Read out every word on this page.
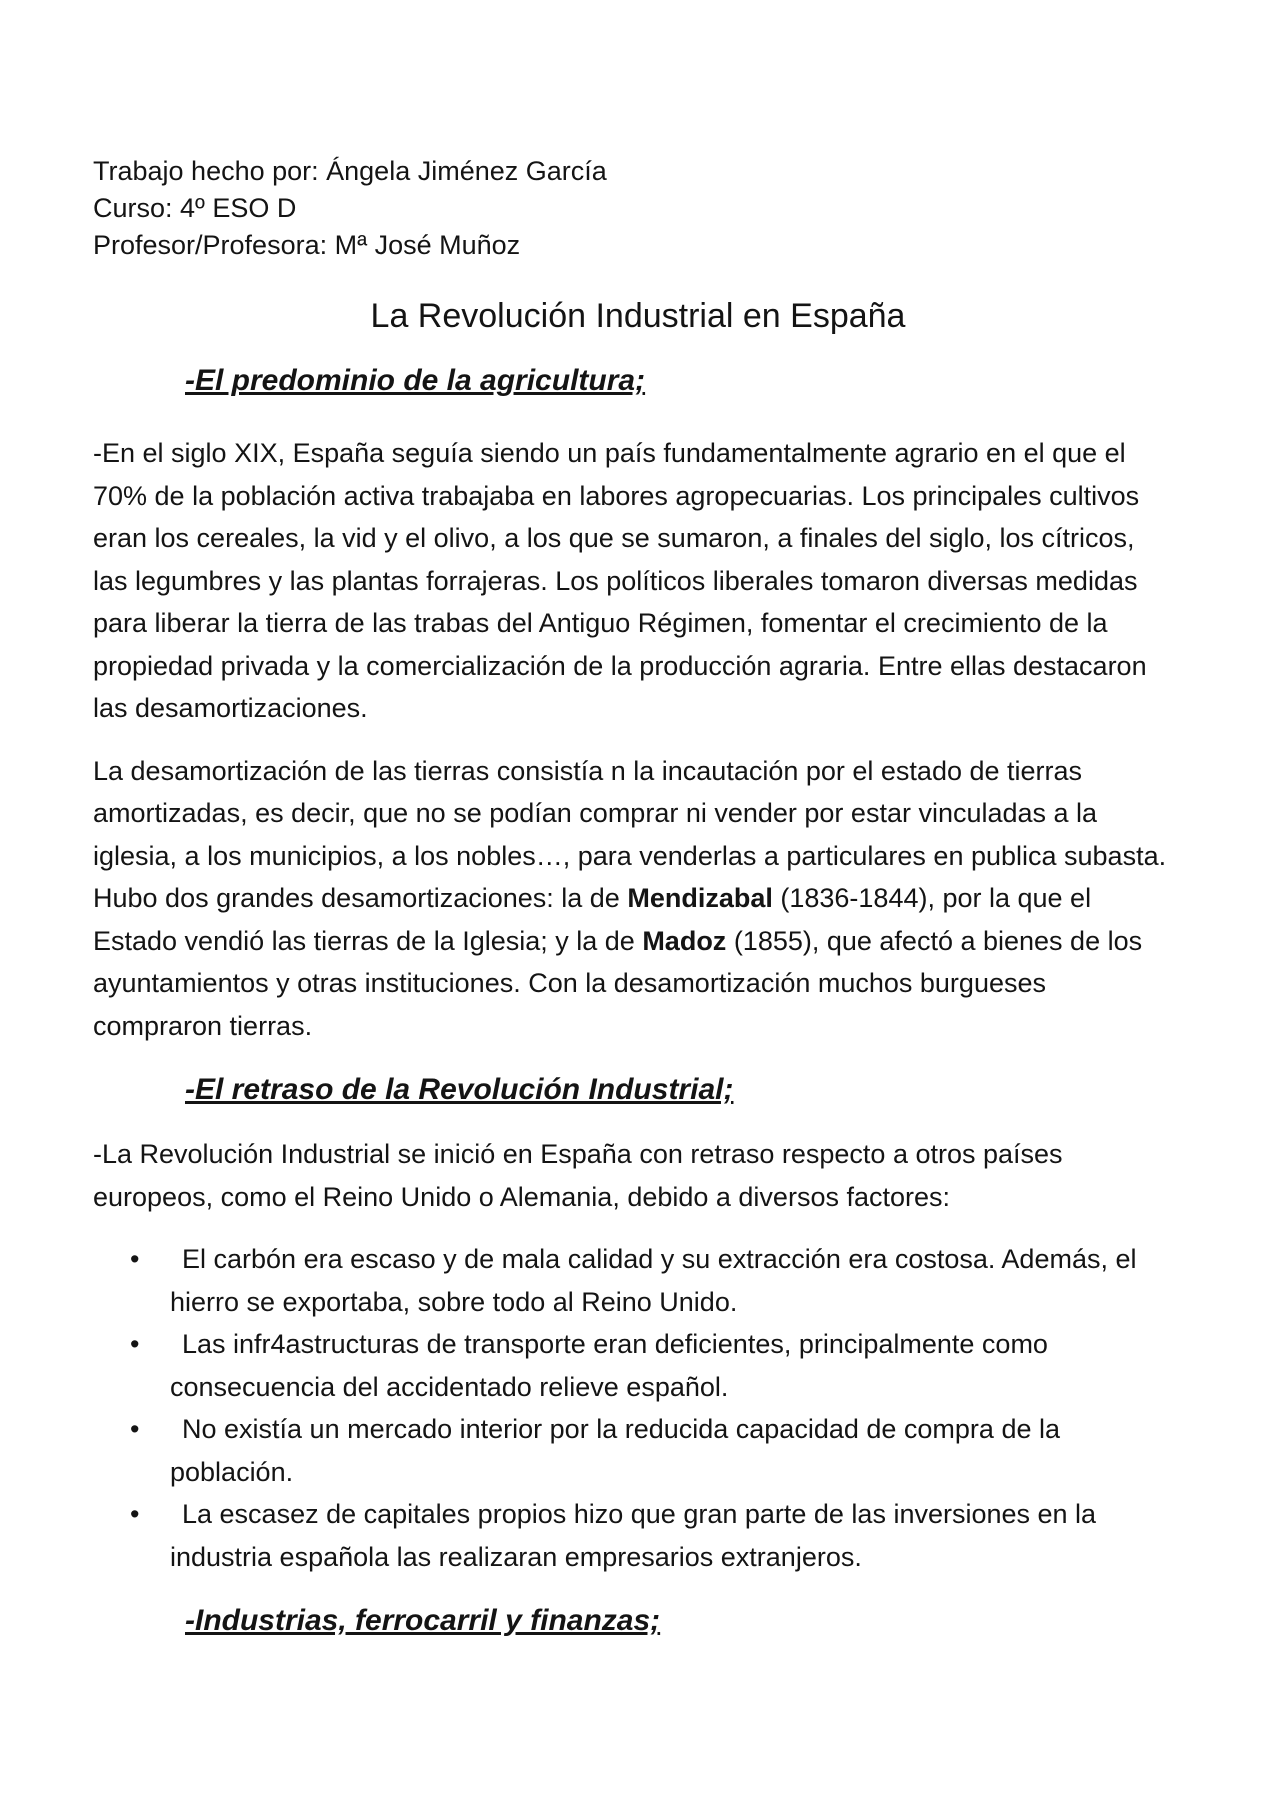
Trabajo hecho por: Ángela Jiménez García

Curso: 4º ESO D

Profesor/Profesora: Mª José Muñoz

La Revolución Industrial en España
-El predominio de la agricultura;

-En el siglo XIX, España seguía siendo un país fundamentalmente agrario en el que el 70% de la población activa trabajaba en labores agropecuarias. Los principales cultivos eran los cereales, la vid y el olivo, a los que se sumaron, a finales del siglo, los cítricos, las legumbres y las plantas forrajeras. Los políticos liberales tomaron diversas medidas para liberar la tierra de las trabas del Antiguo Régimen, fomentar el crecimiento de la propiedad privada y la comercialización de la producción agraria. Entre ellas destacaron las desamortizaciones.

La desamortización de las tierras consistía n la incautación por el estado de tierras amortizadas, es decir, que no se podían comprar ni vender por estar vinculadas a la iglesia, a los municipios, a los nobles…, para venderlas a particulares en publica subasta. Hubo dos grandes desamortizaciones: la de Mendizabal (1836-1844), por la que el Estado vendió las tierras de la Iglesia; y la de Madoz (1855), que afectó a bienes de los ayuntamientos y otras instituciones. Con la desamortización muchos burgueses compraron tierras.

-El retraso de la Revolución Industrial;

-La Revolución Industrial se inició en España con retraso respecto a otros países europeos, como el Reino Unido o Alemania, debido a diversos factores:

• El carbón era escaso y de mala calidad y su extracción era costosa. Además, el hierro se exportaba, sobre todo al Reino Unido.
• Las infr4astructuras de transporte eran deficientes, principalmente como consecuencia del accidentado relieve español.
• No existía un mercado interior por la reducida capacidad de compra de la población.
• La escasez de capitales propios hizo que gran parte de las inversiones en la industria española las realizaran empresarios extranjeros.
-Industrias, ferrocarril y finanzas;
